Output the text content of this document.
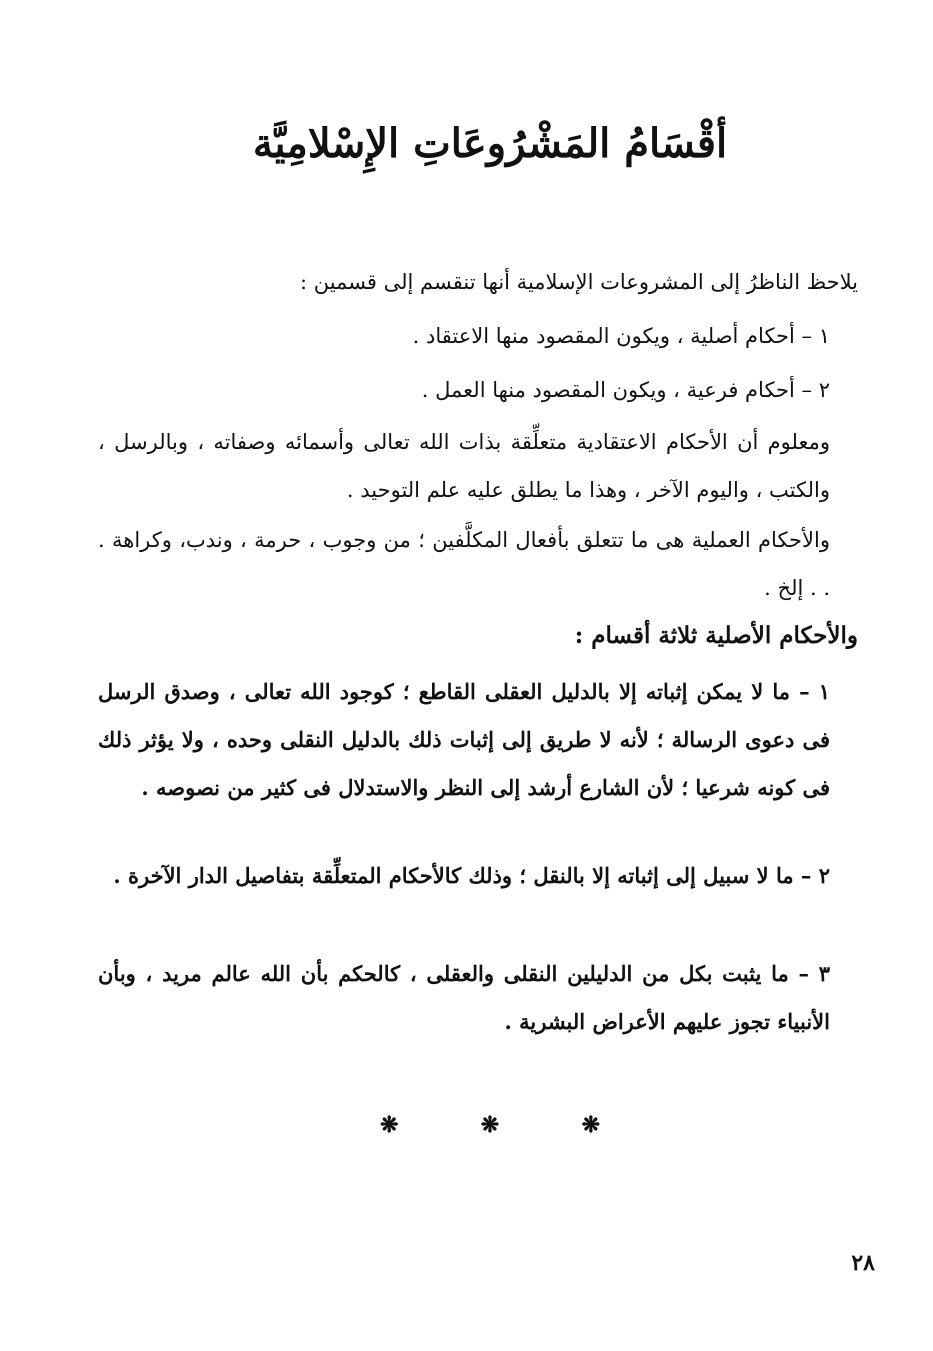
أقْسَامُ المَشْرُوعَاتِ الإِسْلامِيَّة

يلاحظ الناظرُ إلى المشروعات الإسلامية أنها تنقسم إلى قسمين :

١ – أحكام أصلية ، ويكون المقصود منها الاعتقاد .

٢ – أحكام فرعية ، ويكون المقصود منها العمل .

ومعلوم أن الأحكام الاعتقادية متعلِّقة بذات الله تعالى وأسمائه وصفاته ، وبالرسل ، والكتب ، واليوم الآخر ، وهذا ما يطلق عليه علم التوحيد .

والأحكام العملية هى ما تتعلق بأفعال المكلَّفين ؛ من وجوب ، حرمة ، وندب، وكراهة . . . إلخ .

والأحكام الأصلية ثلاثة أقسام :

١ – ما لا يمكن إثباته إلا بالدليل العقلى القاطع ؛ كوجود الله تعالى ، وصدق الرسل فى دعوى الرسالة ؛ لأنه لا طريق إلى إثبات ذلك بالدليل النقلى وحده ، ولا يؤثر ذلك فى كونه شرعيا ؛ لأن الشارع أرشد إلى النظر والاستدلال فى كثير من نصوصه .

٢ – ما لا سبيل إلى إثباته إلا بالنقل ؛ وذلك كالأحكام المتعلِّقة بتفاصيل الدار الآخرة .

٣ – ما يثبت بكل من الدليلين النقلى والعقلى ، كالحكم بأن الله عالم مريد ، وبأن الأنبياء تجوز عليهم الأعراض البشرية .

❋	❋	❋
٢٨
